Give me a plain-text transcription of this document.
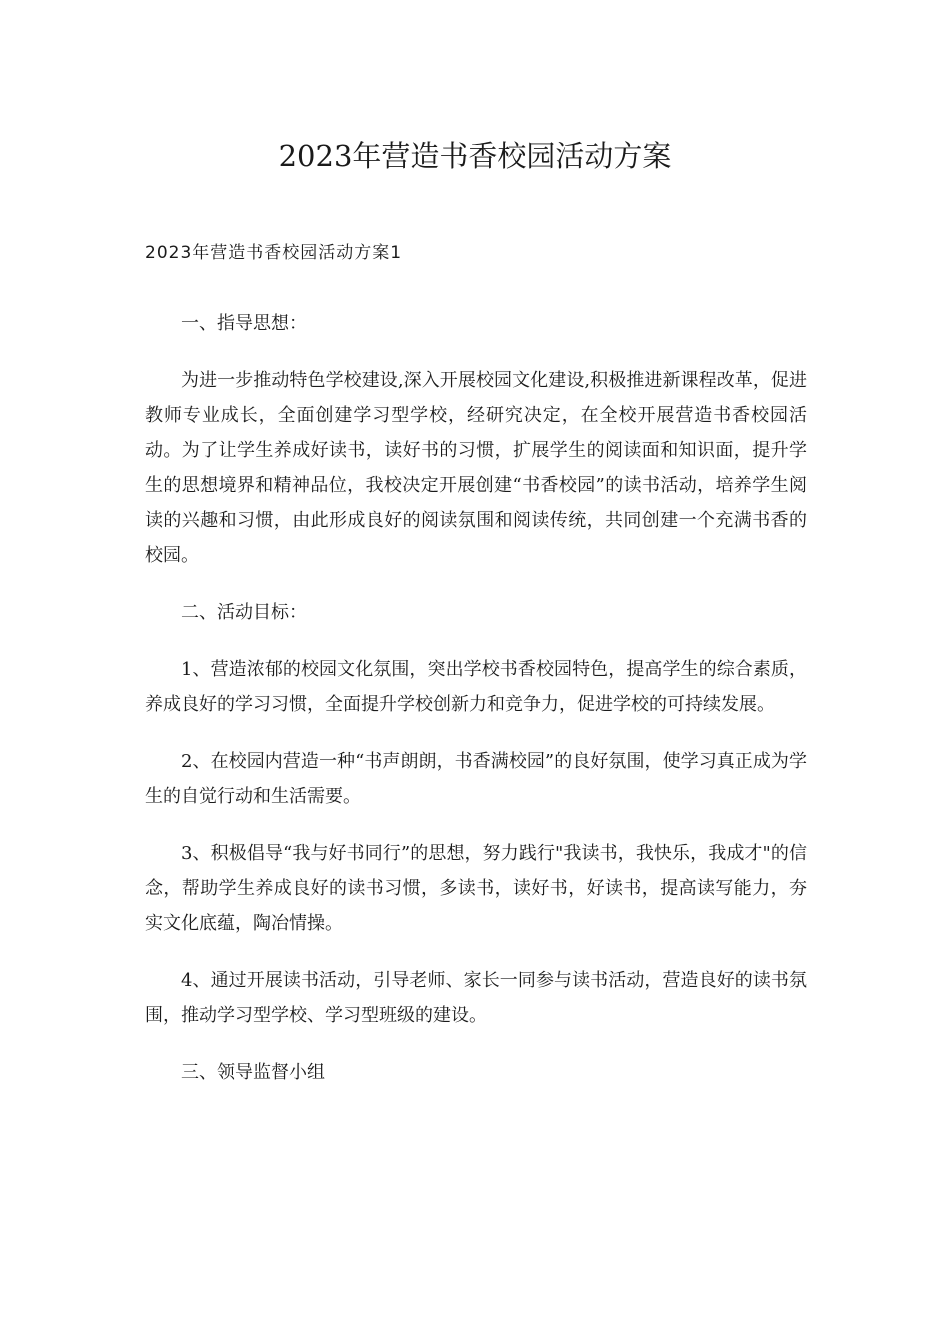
2023年营造书香校园活动方案
2023年营造书香校园活动方案1

一、指导思想：

为进一步推动特色学校建设,深入开展校园文化建设,积极推进新课程改革，促进教师专业成长，全面创建学习型学校，经研究决定，在全校开展营造书香校园活动。为了让学生养成好读书，读好书的习惯，扩展学生的阅读面和知识面，提升学生的思想境界和精神品位，我校决定开展创建“书香校园”的读书活动，培养学生阅读的兴趣和习惯，由此形成良好的阅读氛围和阅读传统，共同创建一个充满书香的校园。

二、活动目标：

1、营造浓郁的校园文化氛围，突出学校书香校园特色，提高学生的综合素质，养成良好的学习习惯，全面提升学校创新力和竞争力，促进学校的可持续发展。

2、在校园内营造一种“书声朗朗，书香满校园”的良好氛围，使学习真正成为学生的自觉行动和生活需要。

3、积极倡导“我与好书同行”的思想，努力践行"我读书，我快乐，我成才"的信念，帮助学生养成良好的读书习惯，多读书，读好书，好读书，提高读写能力，夯实文化底蕴，陶冶情操。

4、通过开展读书活动，引导老师、家长一同参与读书活动，营造良好的读书氛围，推动学习型学校、学习型班级的建设。

三、领导监督小组
